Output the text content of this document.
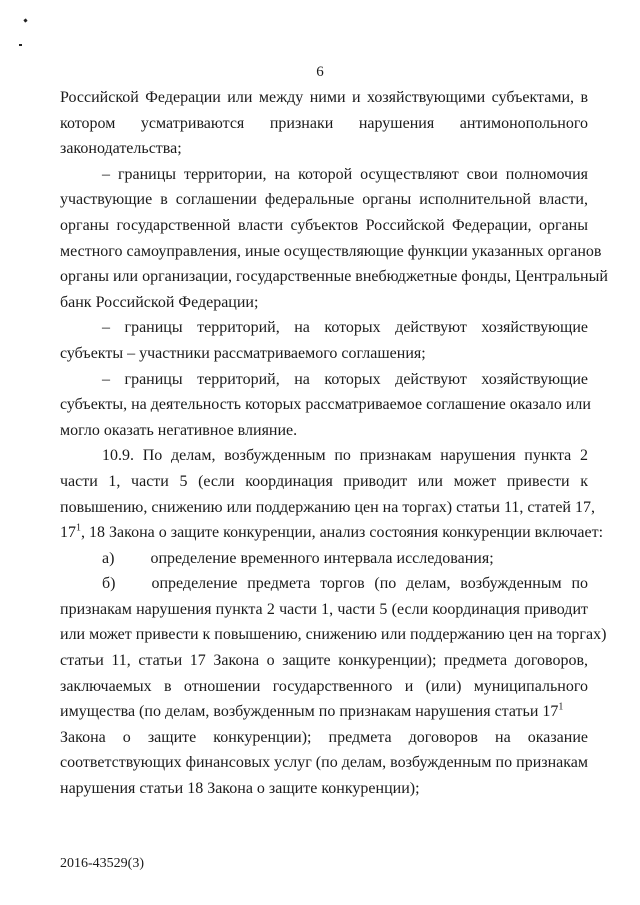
6
Российской Федерации или между ними и хозяйствующими субъектами, в
котором усматриваются признаки нарушения антимонопольного
законодательства;
– границы территории, на которой осуществляют свои полномочия
участвующие в соглашении федеральные органы исполнительной власти,
органы государственной власти субъектов Российской Федерации, органы
местного самоуправления, иные осуществляющие функции указанных органов
органы или организации, государственные внебюджетные фонды, Центральный
банк Российской Федерации;
– границы территорий, на которых действуют хозяйствующие
субъекты – участники рассматриваемого соглашения;
– границы территорий, на которых действуют хозяйствующие
субъекты, на деятельность которых рассматриваемое соглашение оказало или
могло оказать негативное влияние.
10.9. По делам, возбужденным по признакам нарушения пункта 2
части 1, части 5 (если координация приводит или может привести к
повышению, снижению или поддержанию цен на торгах) статьи 11, статей 17,
$17^1$, 18 Закона о защите конкуренции, анализ состояния конкуренции включает:
а) определение временного интервала исследования;
б) определение предмета торгов (по делам, возбужденным по
признакам нарушения пункта 2 части 1, части 5 (если координация приводит
или может привести к повышению, снижению или поддержанию цен на торгах)
статьи 11, статьи 17 Закона о защите конкуренции); предмета договоров,
заключаемых в отношении государственного и (или) муниципального
имущества (по делам, возбужденным по признакам нарушения статьи $17^1$
Закона о защите конкуренции); предмета договоров на оказание
соответствующих финансовых услуг (по делам, возбужденным по признакам
нарушения статьи 18 Закона о защите конкуренции);
2016-43529(3)
